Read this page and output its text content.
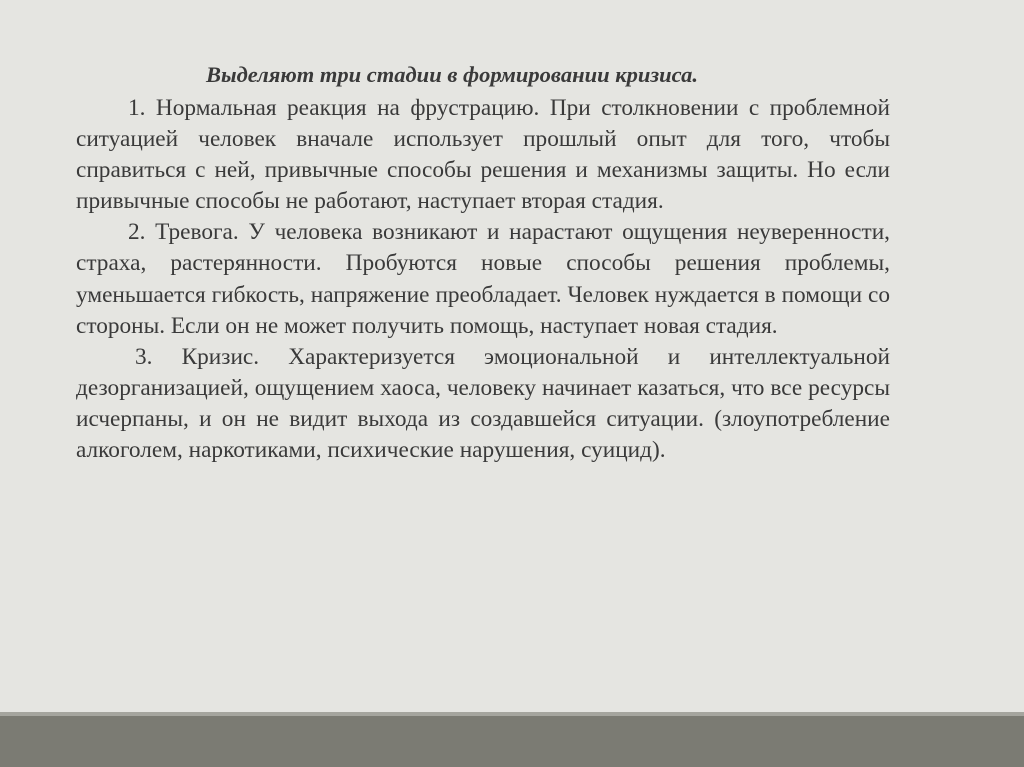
Выделяют три стадии в формировании кризиса.

1. Нормальная реакция на фрустрацию. При столкновении с проблемной ситуацией человек вначале использует прошлый опыт для того, чтобы справиться с ней, привычные способы решения и механизмы защиты. Но если привычные способы не работают, наступает вторая стадия.

2. Тревога. У человека возникают и нарастают ощущения неуверенности, страха, растерянности. Пробуются новые способы решения проблемы, уменьшается гибкость, напряжение преобладает. Человек нуждается в помощи со стороны. Если он не может получить помощь, наступает новая стадия.

3. Кризис. Характеризуется эмоциональной и интеллектуальной дезорганизацией, ощущением хаоса, человеку начинает казаться, что все ресурсы исчерпаны, и он не видит выхода из создавшейся ситуации. (злоупотребление алкоголем, наркотиками, психические нарушения, суицид).
